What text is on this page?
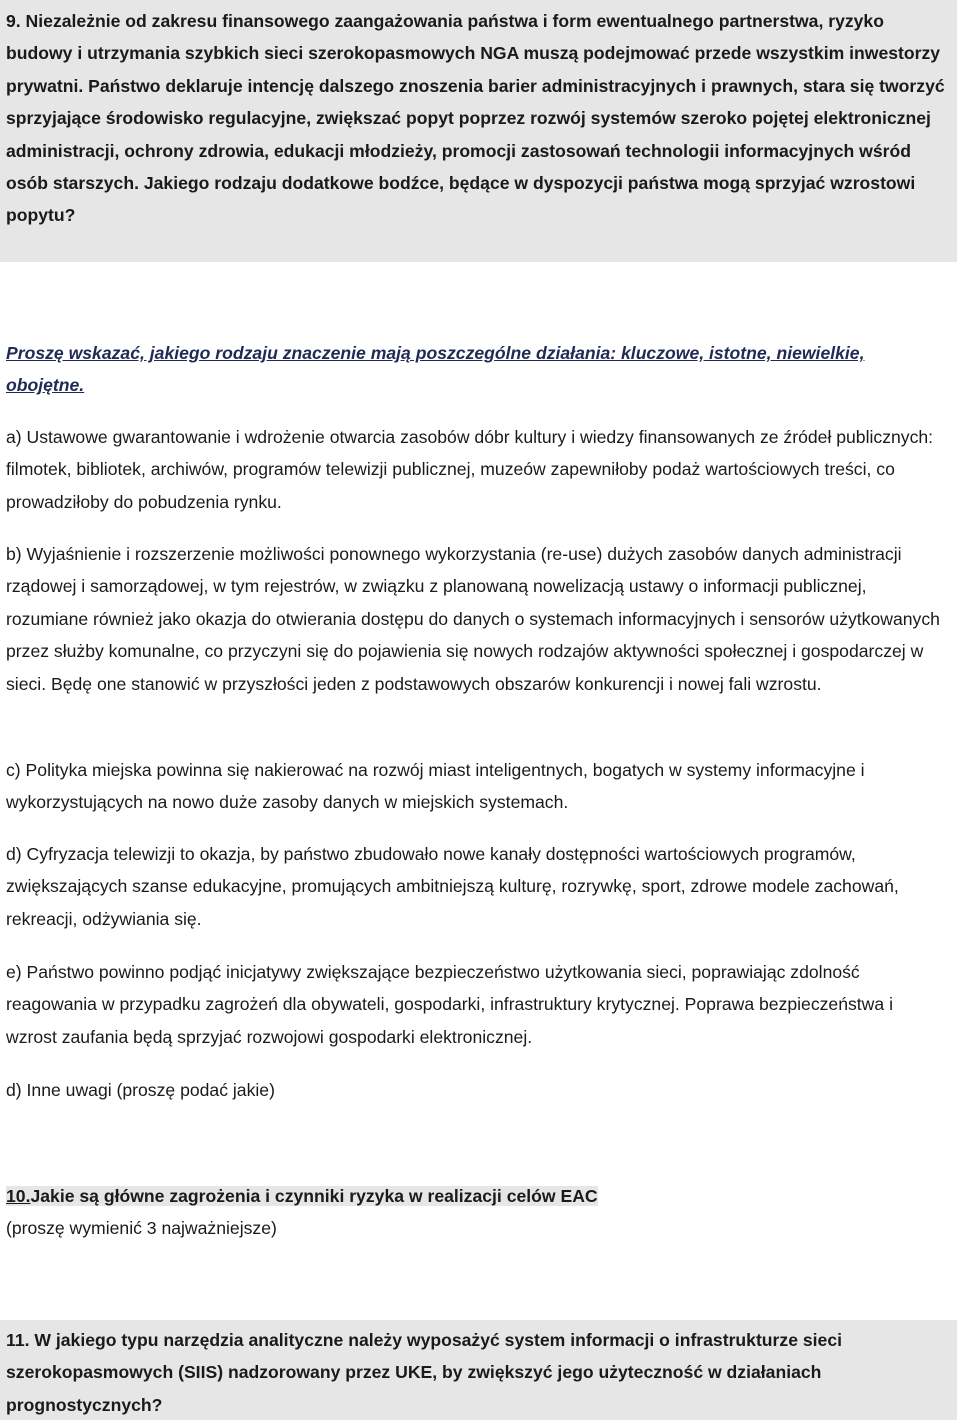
9. Niezależnie od zakresu finansowego zaangażowania państwa i form ewentualnego partnerstwa, ryzyko budowy i utrzymania szybkich sieci szerokopasmowych NGA muszą podejmować przede wszystkim inwestorzy prywatni. Państwo deklaruje intencję dalszego znoszenia barier administracyjnych i prawnych, stara się tworzyć sprzyjające środowisko regulacyjne, zwiększać popyt poprzez rozwój systemów szeroko pojętej elektronicznej administracji, ochrony zdrowia, edukacji młodzieży, promocji zastosowań technologii informacyjnych wśród osób starszych. Jakiego rodzaju dodatkowe bodźce, będące w dyspozycji państwa mogą sprzyjać wzrostowi popytu?

Proszę wskazać, jakiego rodzaju znaczenie mają poszczególne działania: kluczowe, istotne, niewielkie, obojętne.

a) Ustawowe gwarantowanie i wdrożenie otwarcia zasobów dóbr kultury i wiedzy finansowanych ze źródeł publicznych: filmotek, bibliotek, archiwów, programów telewizji publicznej, muzeów zapewniłoby podaż wartościowych treści, co prowadziłoby do pobudzenia rynku.

b) Wyjaśnienie i rozszerzenie możliwości ponownego wykorzystania (re-use) dużych zasobów danych administracji rządowej i samorządowej, w tym rejestrów, w związku z planowaną nowelizacją ustawy o informacji publicznej, rozumiane również jako okazja do otwierania dostępu do danych o systemach informacyjnych i sensorów użytkowanych przez służby komunalne, co przyczyni się do pojawienia się nowych rodzajów aktywności społecznej i gospodarczej w sieci. Będę one stanowić w przyszłości jeden z podstawowych obszarów konkurencji i nowej fali wzrostu.

c) Polityka miejska powinna się nakierować na rozwój miast inteligentnych, bogatych w systemy informacyjne i wykorzystujących na nowo duże zasoby danych w miejskich systemach.

d) Cyfryzacja telewizji to okazja, by państwo zbudowało nowe kanały dostępności wartościowych programów, zwiększających szanse edukacyjne, promujących ambitniejszą kulturę, rozrywkę, sport, zdrowe modele zachowań, rekreacji, odżywiania się.

e) Państwo powinno podjąć inicjatywy zwiększające bezpieczeństwo użytkowania sieci, poprawiając zdolność reagowania w przypadku zagrożeń dla obywateli, gospodarki, infrastruktury krytycznej. Poprawa bezpieczeństwa i wzrost zaufania będą sprzyjać rozwojowi gospodarki elektronicznej.

d) Inne uwagi (proszę podać jakie)

10.Jakie są główne zagrożenia i czynniki ryzyka w realizacji celów EAC
(proszę wymienić 3 najważniejsze)

11. W jakiego typu narzędzia analityczne należy wyposażyć system informacji o infrastrukturze sieci szerokopasmowych (SIIS) nadzorowany przez UKE, by zwiększyć jego użyteczność w działaniach prognostycznych?
